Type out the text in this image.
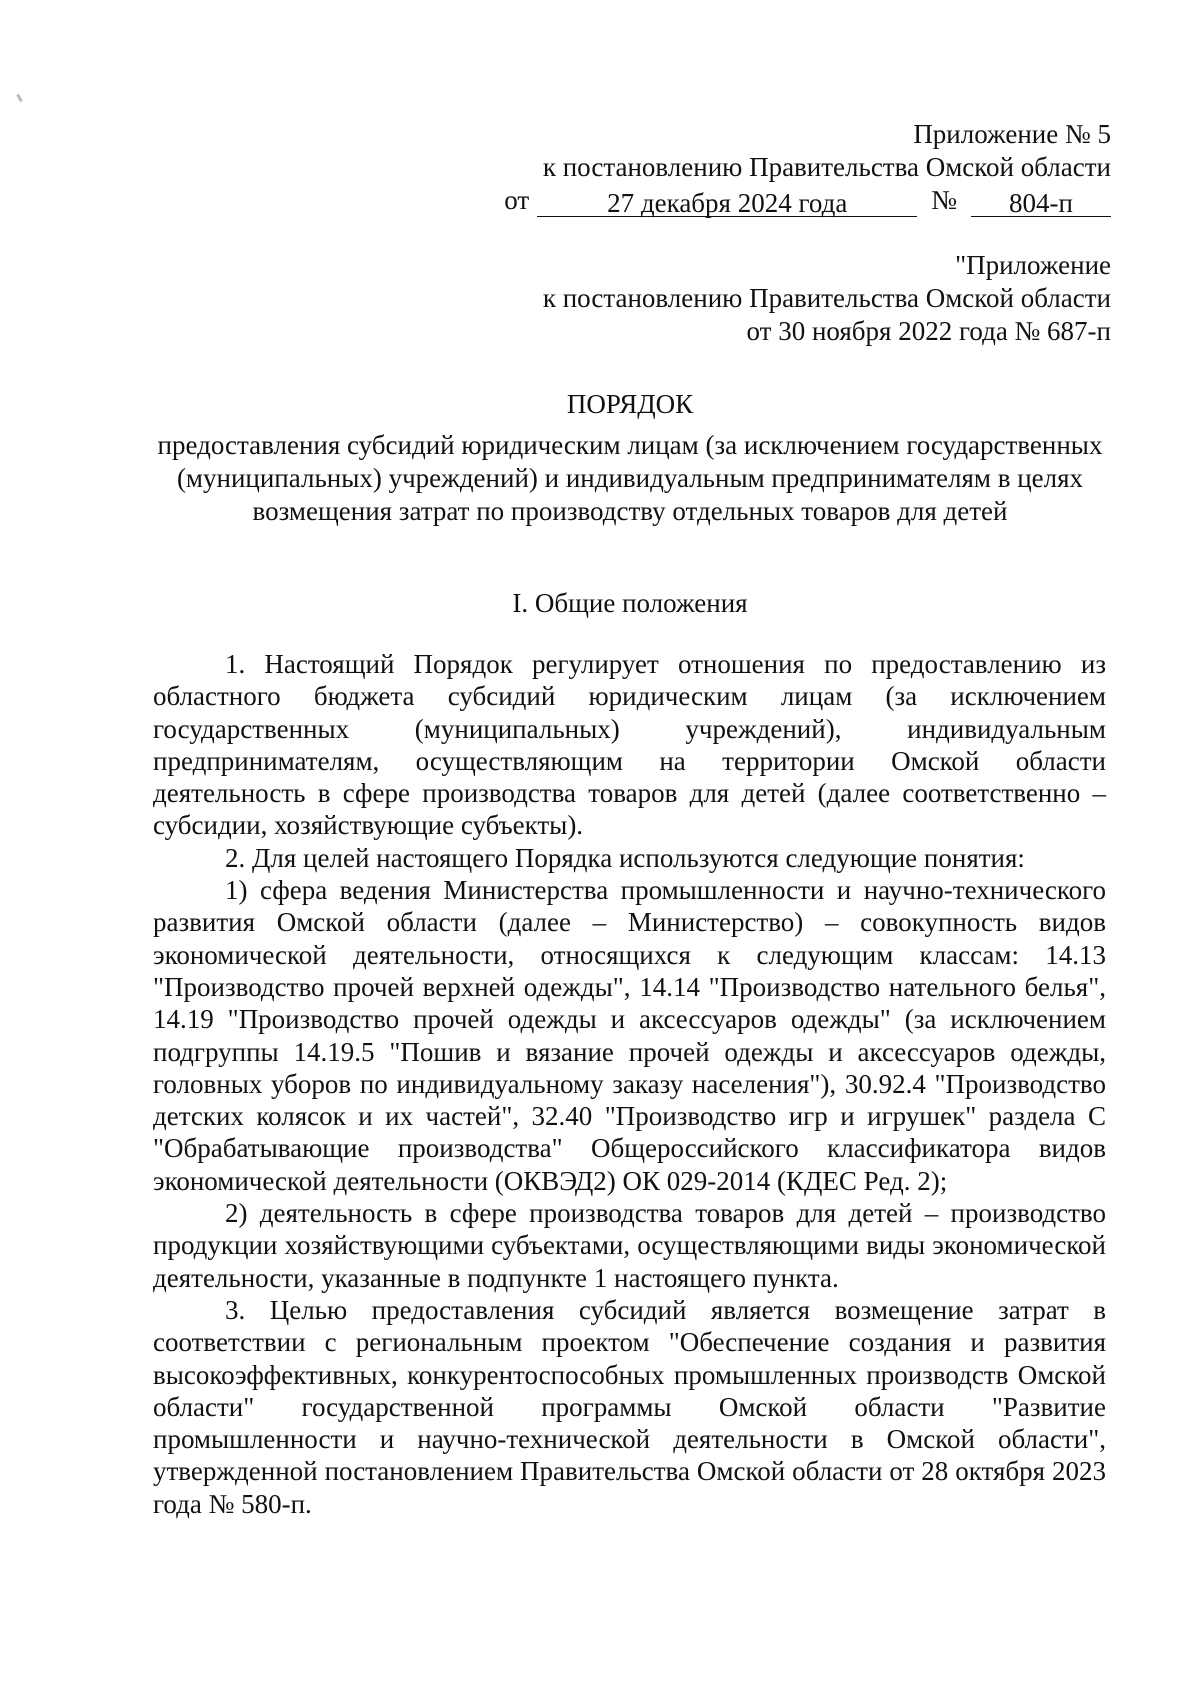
Приложение № 5
к постановлению Правительства Омской области
от	27 декабря 2024 года	№	804-п
"Приложение
к постановлению Правительства Омской области
от 30 ноября 2022 года № 687-п
ПОРЯДОК
предоставления субсидий юридическим лицам (за исключением государственных (муниципальных) учреждений) и индивидуальным предпринимателям в целях возмещения затрат по производству отдельных товаров для детей
I. Общие положения

1. Настоящий Порядок регулирует отношения по предоставлению из областного бюджета субсидий юридическим лицам (за исключением государственных (муниципальных) учреждений), индивидуальным предпринимателям, осуществляющим на территории Омской области деятельность в сфере производства товаров для детей (далее соответственно – субсидии, хозяйствующие субъекты).

2. Для целей настоящего Порядка используются следующие понятия:

1) сфера ведения Министерства промышленности и научно-технического развития Омской области (далее – Министерство) – совокупность видов экономической деятельности, относящихся к следующим классам: 14.13 "Производство прочей верхней одежды", 14.14 "Производство нательного белья", 14.19 "Производство прочей одежды и аксессуаров одежды" (за исключением подгруппы 14.19.5 "Пошив и вязание прочей одежды и аксессуаров одежды, головных уборов по индивидуальному заказу населения"), 30.92.4 "Производство детских колясок и их частей", 32.40 "Производство игр и игрушек" раздела С "Обрабатывающие производства" Общероссийского классификатора видов экономической деятельности (ОКВЭД2) ОК 029-2014 (КДЕС Ред. 2);

2) деятельность в сфере производства товаров для детей – производство продукции хозяйствующими субъектами, осуществляющими виды экономической деятельности, указанные в подпункте 1 настоящего пункта.

3. Целью предоставления субсидий является возмещение затрат в соответствии с региональным проектом "Обеспечение создания и развития высокоэффективных, конкурентоспособных промышленных производств Омской области" государственной программы Омской области "Развитие промышленности и научно-технической деятельности в Омской области", утвержденной постановлением Правительства Омской области от 28 октября 2023 года № 580-п.
